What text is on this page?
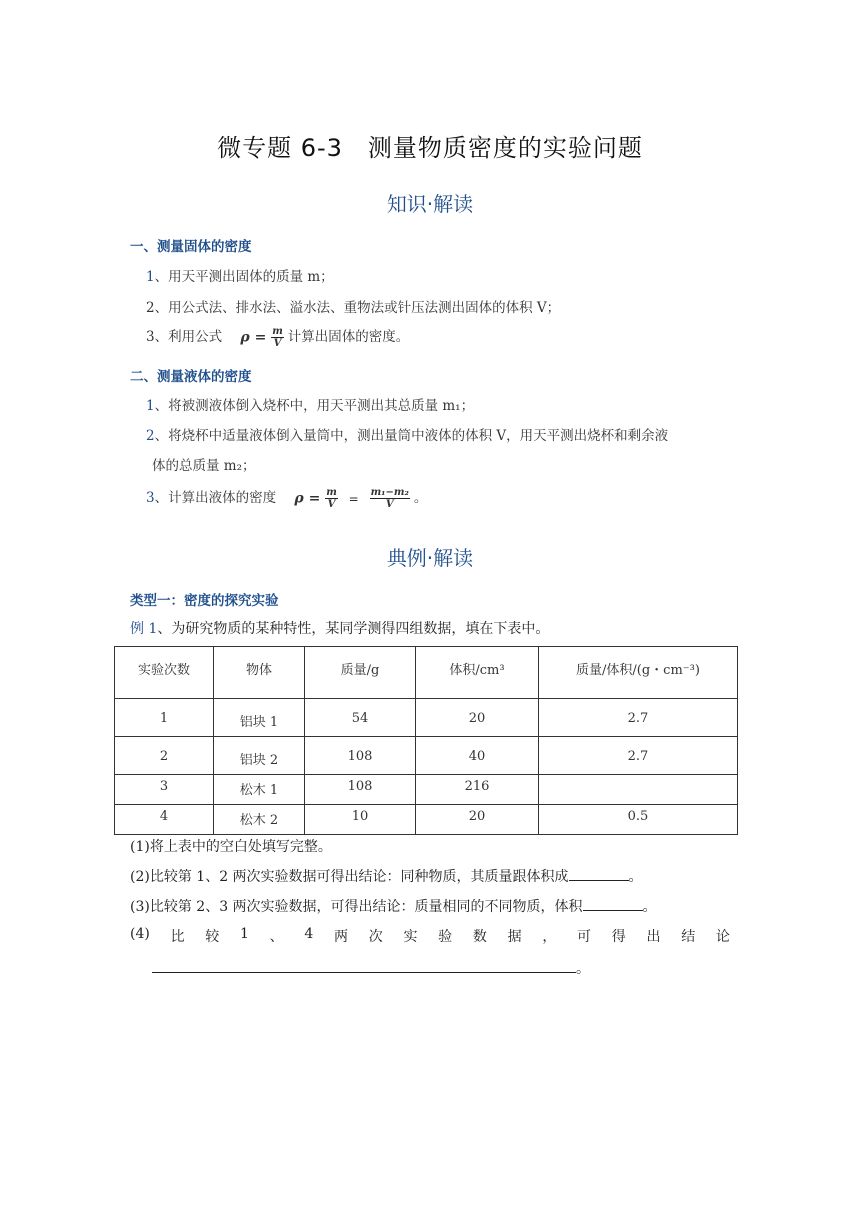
微专题 6-3　测量物质密度的实验问题
知识·解读
一、测量固体的密度
1、用天平测出固体的质量 m；
2、用公式法、排水法、溢水法、重物法或针压法测出固体的体积 V；
3、利用公式 $\rho = \frac{m}{V}$ 计算出固体的密度。
二、测量液体的密度
1、将被测液体倒入烧杯中，用天平测出其总质量 m₁；
2、将烧杯中适量液体倒入量筒中，测出量筒中液体的体积 V，用天平测出烧杯和剩余液
体的总质量 m₂；
3、计算出液体的密度 $\rho = \frac{m}{V} = \frac{\text{m₁−m₂}}{V}$ 。
典例·解读
类型一：密度的探究实验
例 1、为研究物质的某种特性，某同学测得四组数据，填在下表中。
实验次数	物体	质量/g	体积/cm³	质量/体积/(g・cm⁻³)
1	铝块 1	54	20	2.7
2	铝块 2	108	40	2.7
3	松木 1	108	216	
4	松木 2	10	20	0.5
(1)将上表中的空白处填写完整。
(2)比较第 1、2 两次实验数据可得出结论：同种物质，其质量跟体积成	。
(3)比较第 2、3 两次实验数据，可得出结论：质量相同的不同物质，体积	。
(4) 比 较 1 、 4 两 次 实 验 数 据 ， 可 得 出 结 论
。
